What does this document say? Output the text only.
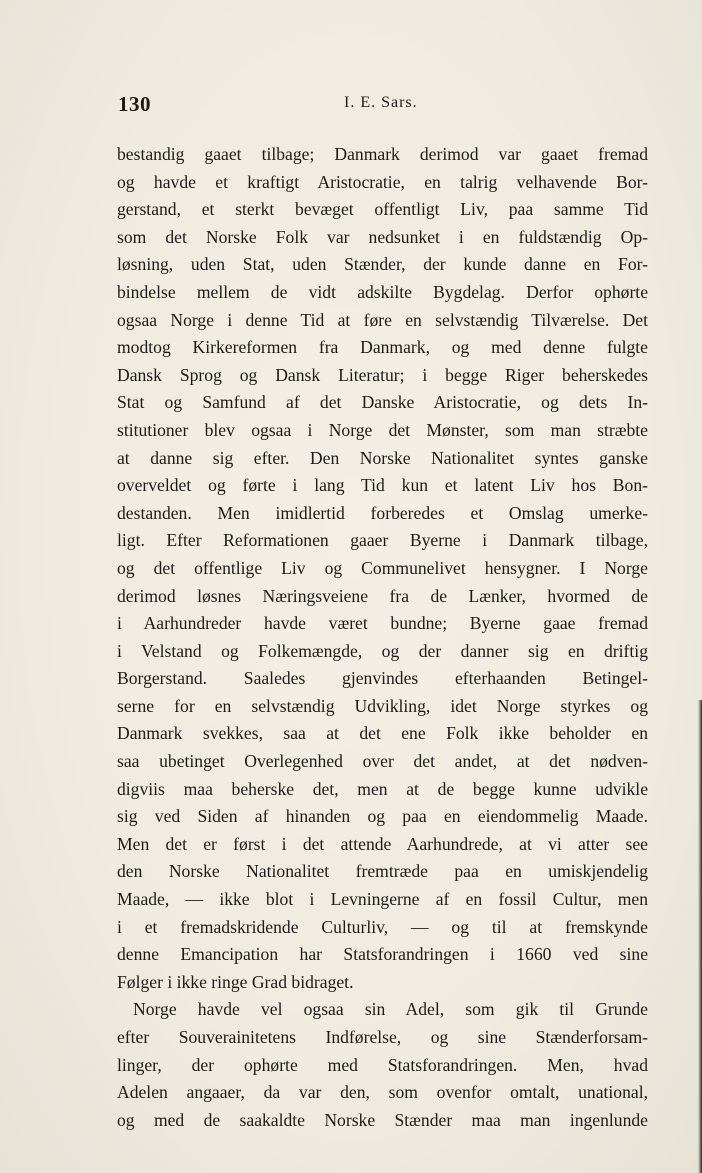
130	I. E. Sars.
bestandig gaaet tilbage; Danmark derimod var gaaet fremad
og havde et kraftigt Aristocratie, en talrig velhavende Bor-
gerstand, et sterkt bevæget offentligt Liv, paa samme Tid
som det Norske Folk var nedsunket i en fuldstændig Op-
løsning, uden Stat, uden Stænder, der kunde danne en For-
bindelse mellem de vidt adskilte Bygdelag. Derfor ophørte
ogsaa Norge i denne Tid at føre en selvstændig Tilværelse. Det
modtog Kirkereformen fra Danmark, og med denne fulgte
Dansk Sprog og Dansk Literatur; i begge Riger beherskedes
Stat og Samfund af det Danske Aristocratie, og dets In-
stitutioner blev ogsaa i Norge det Mønster, som man stræbte
at danne sig efter. Den Norske Nationalitet syntes ganske
overveldet og førte i lang Tid kun et latent Liv hos Bon-
destanden. Men imidlertid forberedes et Omslag umerke-
ligt. Efter Reformationen gaaer Byerne i Danmark tilbage,
og det offentlige Liv og Communelivet hensygner. I Norge
derimod løsnes Næringsveiene fra de Lænker, hvormed de
i Aarhundreder havde været bundne; Byerne gaae fremad
i Velstand og Folkemængde, og der danner sig en driftig
Borgerstand. Saaledes gjenvindes efterhaanden Betingel-
serne for en selvstændig Udvikling, idet Norge styrkes og
Danmark svekkes, saa at det ene Folk ikke beholder en
saa ubetinget Overlegenhed over det andet, at det nødven-
digviis maa beherske det, men at de begge kunne udvikle
sig ved Siden af hinanden og paa en eiendommelig Maade.
Men det er først i det attende Aarhundrede, at vi atter see
den Norske Nationalitet fremtræde paa en umiskjendelig
Maade, — ikke blot i Levningerne af en fossil Cultur, men
i et fremadskridende Culturliv, — og til at fremskynde
denne Emancipation har Statsforandringen i 1660 ved sine
Følger i ikke ringe Grad bidraget.
Norge havde vel ogsaa sin Adel, som gik til Grunde
efter Souverainitetens Indførelse, og sine Stænderforsam-
linger, der ophørte med Statsforandringen. Men, hvad
Adelen angaaer, da var den, som ovenfor omtalt, unational,
og med de saakaldte Norske Stænder maa man ingenlunde
